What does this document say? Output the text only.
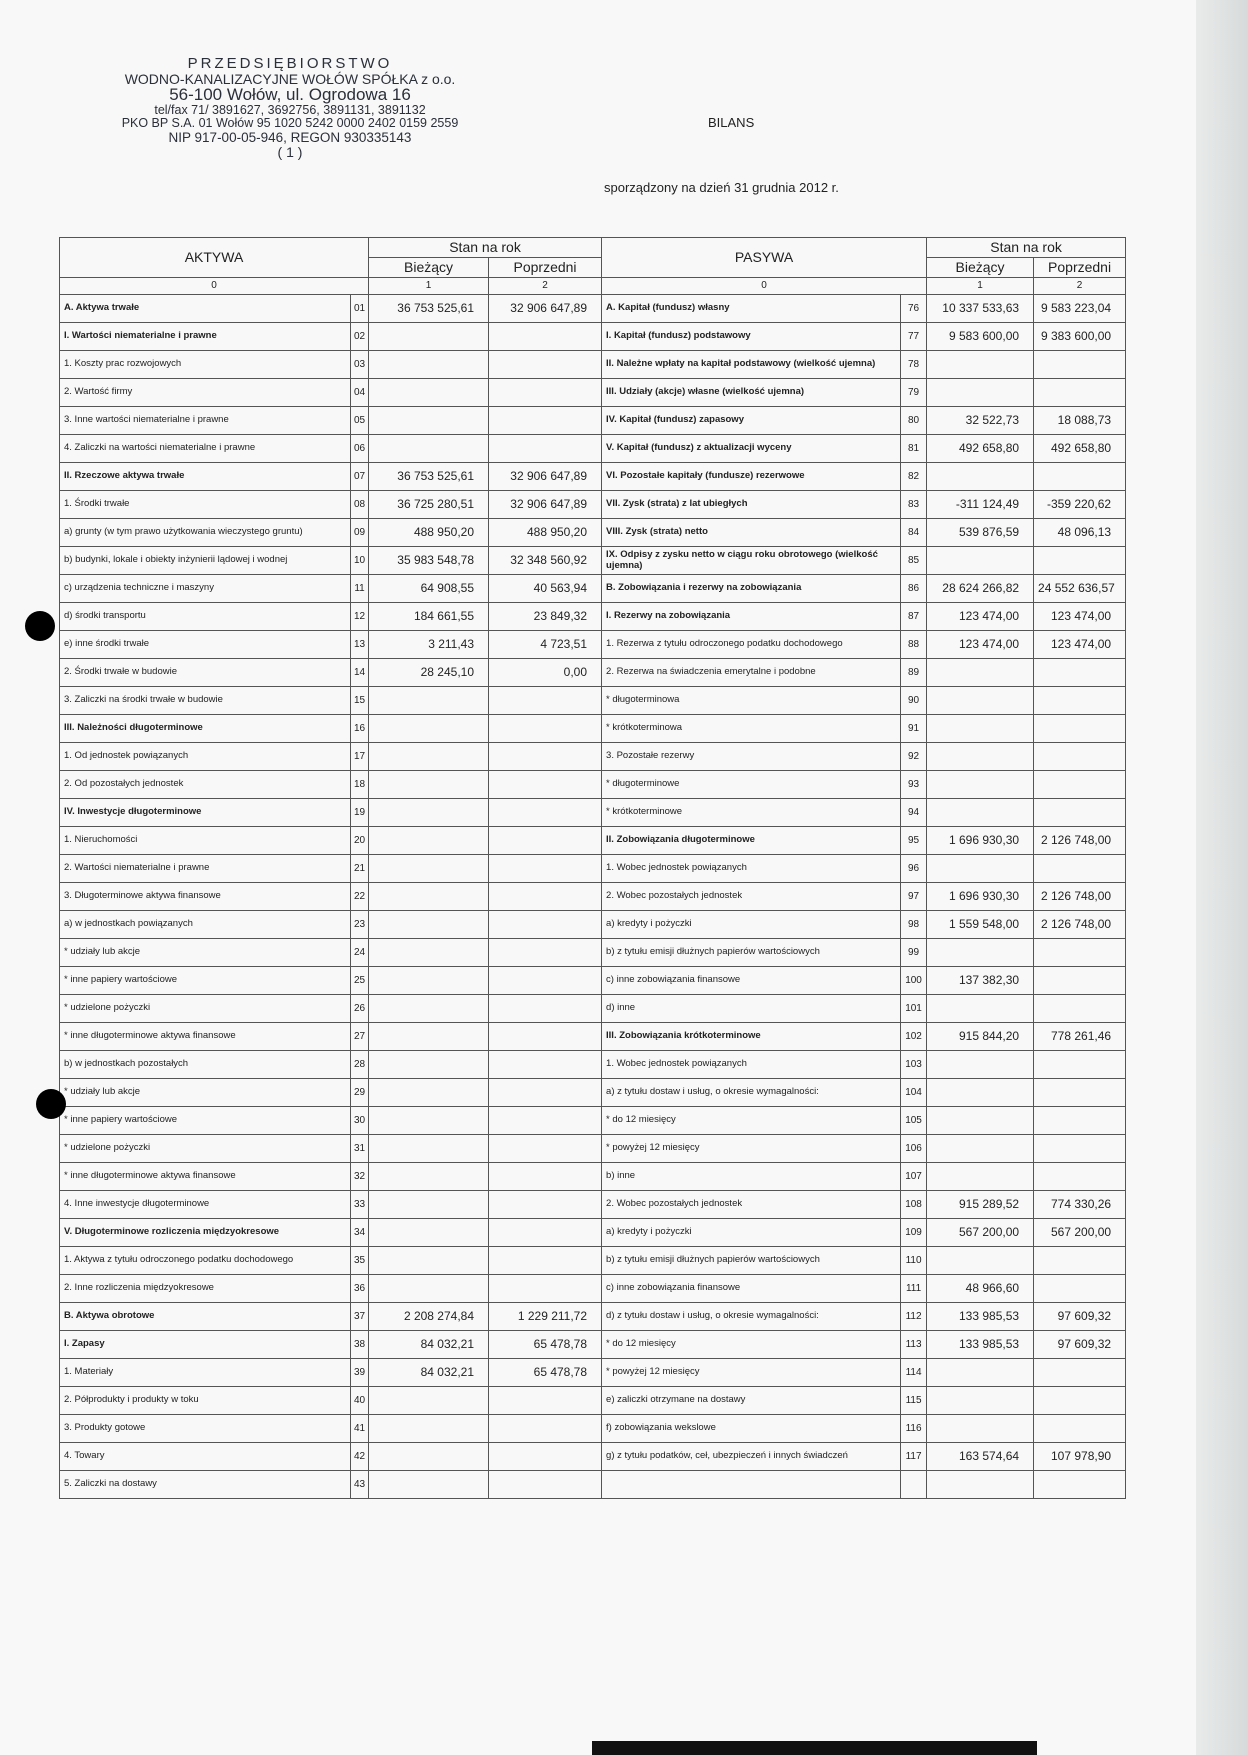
PRZEDSIĘBIORSTWO
WODNO-KANALIZACYJNE WOŁÓW SPÓŁKA z o.o.
56-100 Wołów, ul. Ogrodowa 16
tel/fax 71/ 3891627, 3692756, 3891131, 3891132
PKO BP S.A. 01 Wołów 95 1020 5242 0000 2402 0159 2559
NIP 917-00-05-946, REGON 930335143
( 1 )
BILANS
sporządzony na dzień 31 grudnia 2012 r.
AKTYWA		Stan na rok		PASYWA		Stan na rok	
		Bieżący	Poprzedni			Bieżący	Poprzedni
0		1	2	0		1	2
A. Aktywa trwałe	01	36 753 525,61	32 906 647,89	A. Kapitał (fundusz) własny	76	10 337 533,63	9 583 223,04
I. Wartości niematerialne i prawne	02			I. Kapitał (fundusz) podstawowy	77	9 583 600,00	9 383 600,00
1. Koszty prac rozwojowych	03			II. Należne wpłaty na kapitał podstawowy (wielkość ujemna)	78		
2. Wartość firmy	04			III. Udziały (akcje) własne (wielkość ujemna)	79		
3. Inne wartości niematerialne i prawne	05			IV. Kapitał (fundusz) zapasowy	80	32 522,73	18 088,73
4. Zaliczki na wartości niematerialne i prawne	06			V. Kapitał (fundusz) z aktualizacji wyceny	81	492 658,80	492 658,80
II. Rzeczowe aktywa trwałe	07	36 753 525,61	32 906 647,89	VI. Pozostałe kapitały (fundusze) rezerwowe	82		
1. Środki trwałe	08	36 725 280,51	32 906 647,89	VII. Zysk (strata) z lat ubiegłych	83	-311 124,49	-359 220,62
a) grunty (w tym prawo użytkowania wieczystego gruntu)	09	488 950,20	488 950,20	VIII. Zysk (strata) netto	84	539 876,59	48 096,13
b) budynki, lokale i obiekty inżynierii lądowej i wodnej	10	35 983 548,78	32 348 560,92	IX. Odpisy z zysku netto w ciągu roku obrotowego (wielkość ujemna)	85		
c) urządzenia techniczne i maszyny	11	64 908,55	40 563,94	B. Zobowiązania i rezerwy na zobowiązania	86	28 624 266,82	24 552 636,57
d) środki transportu	12	184 661,55	23 849,32	I. Rezerwy na zobowiązania	87	123 474,00	123 474,00
e) inne środki trwałe	13	3 211,43	4 723,51	1. Rezerwa z tytułu odroczonego podatku dochodowego	88	123 474,00	123 474,00
2. Środki trwałe w budowie	14	28 245,10	0,00	2. Rezerwa na świadczenia emerytalne i podobne	89		
3. Zaliczki na środki trwałe w budowie	15			* długoterminowa	90		
III. Należności długoterminowe	16			* krótkoterminowa	91		
1. Od jednostek powiązanych	17			3. Pozostałe rezerwy	92		
2. Od pozostałych jednostek	18			* długoterminowe	93		
IV. Inwestycje długoterminowe	19			* krótkoterminowe	94		
1. Nieruchomości	20			II. Zobowiązania długoterminowe	95	1 696 930,30	2 126 748,00
2. Wartości niematerialne i prawne	21			1. Wobec jednostek powiązanych	96		
3. Długoterminowe aktywa finansowe	22			2. Wobec pozostałych jednostek	97	1 696 930,30	2 126 748,00
a) w jednostkach powiązanych	23			a) kredyty i pożyczki	98	1 559 548,00	2 126 748,00
* udziały lub akcje	24			b) z tytułu emisji dłużnych papierów wartościowych	99		
* inne papiery wartościowe	25			c) inne zobowiązania finansowe	100	137 382,30	
* udzielone pożyczki	26			d) inne	101		
* inne długoterminowe aktywa finansowe	27			III. Zobowiązania krótkoterminowe	102	915 844,20	778 261,46
b) w jednostkach pozostałych	28			1. Wobec jednostek powiązanych	103		
* udziały lub akcje	29			a) z tytułu dostaw i usług, o okresie wymagalności:	104		
* inne papiery wartościowe	30			* do 12 miesięcy	105		
* udzielone pożyczki	31			* powyżej 12 miesięcy	106		
* inne długoterminowe aktywa finansowe	32			b) inne	107		
4. Inne inwestycje długoterminowe	33			2. Wobec pozostałych jednostek	108	915 289,52	774 330,26
V. Długoterminowe rozliczenia międzyokresowe	34			a) kredyty i pożyczki	109	567 200,00	567 200,00
1. Aktywa z tytułu odroczonego podatku dochodowego	35			b) z tytułu emisji dłużnych papierów wartościowych	110		
2. Inne rozliczenia międzyokresowe	36			c) inne zobowiązania finansowe	111	48 966,60	
B. Aktywa obrotowe	37	2 208 274,84	1 229 211,72	d) z tytułu dostaw i usług, o okresie wymagalności:	112	133 985,53	97 609,32
I. Zapasy	38	84 032,21	65 478,78	* do 12 miesięcy	113	133 985,53	97 609,32
1. Materiały	39	84 032,21	65 478,78	* powyżej 12 miesięcy	114		
2. Półprodukty i produkty w toku	40			e) zaliczki otrzymane na dostawy	115		
3. Produkty gotowe	41			f) zobowiązania wekslowe	116		
4. Towary	42			g) z tytułu podatków, ceł, ubezpieczeń i innych świadczeń	117	163 574,64	107 978,90
5. Zaliczki na dostawy	43						
